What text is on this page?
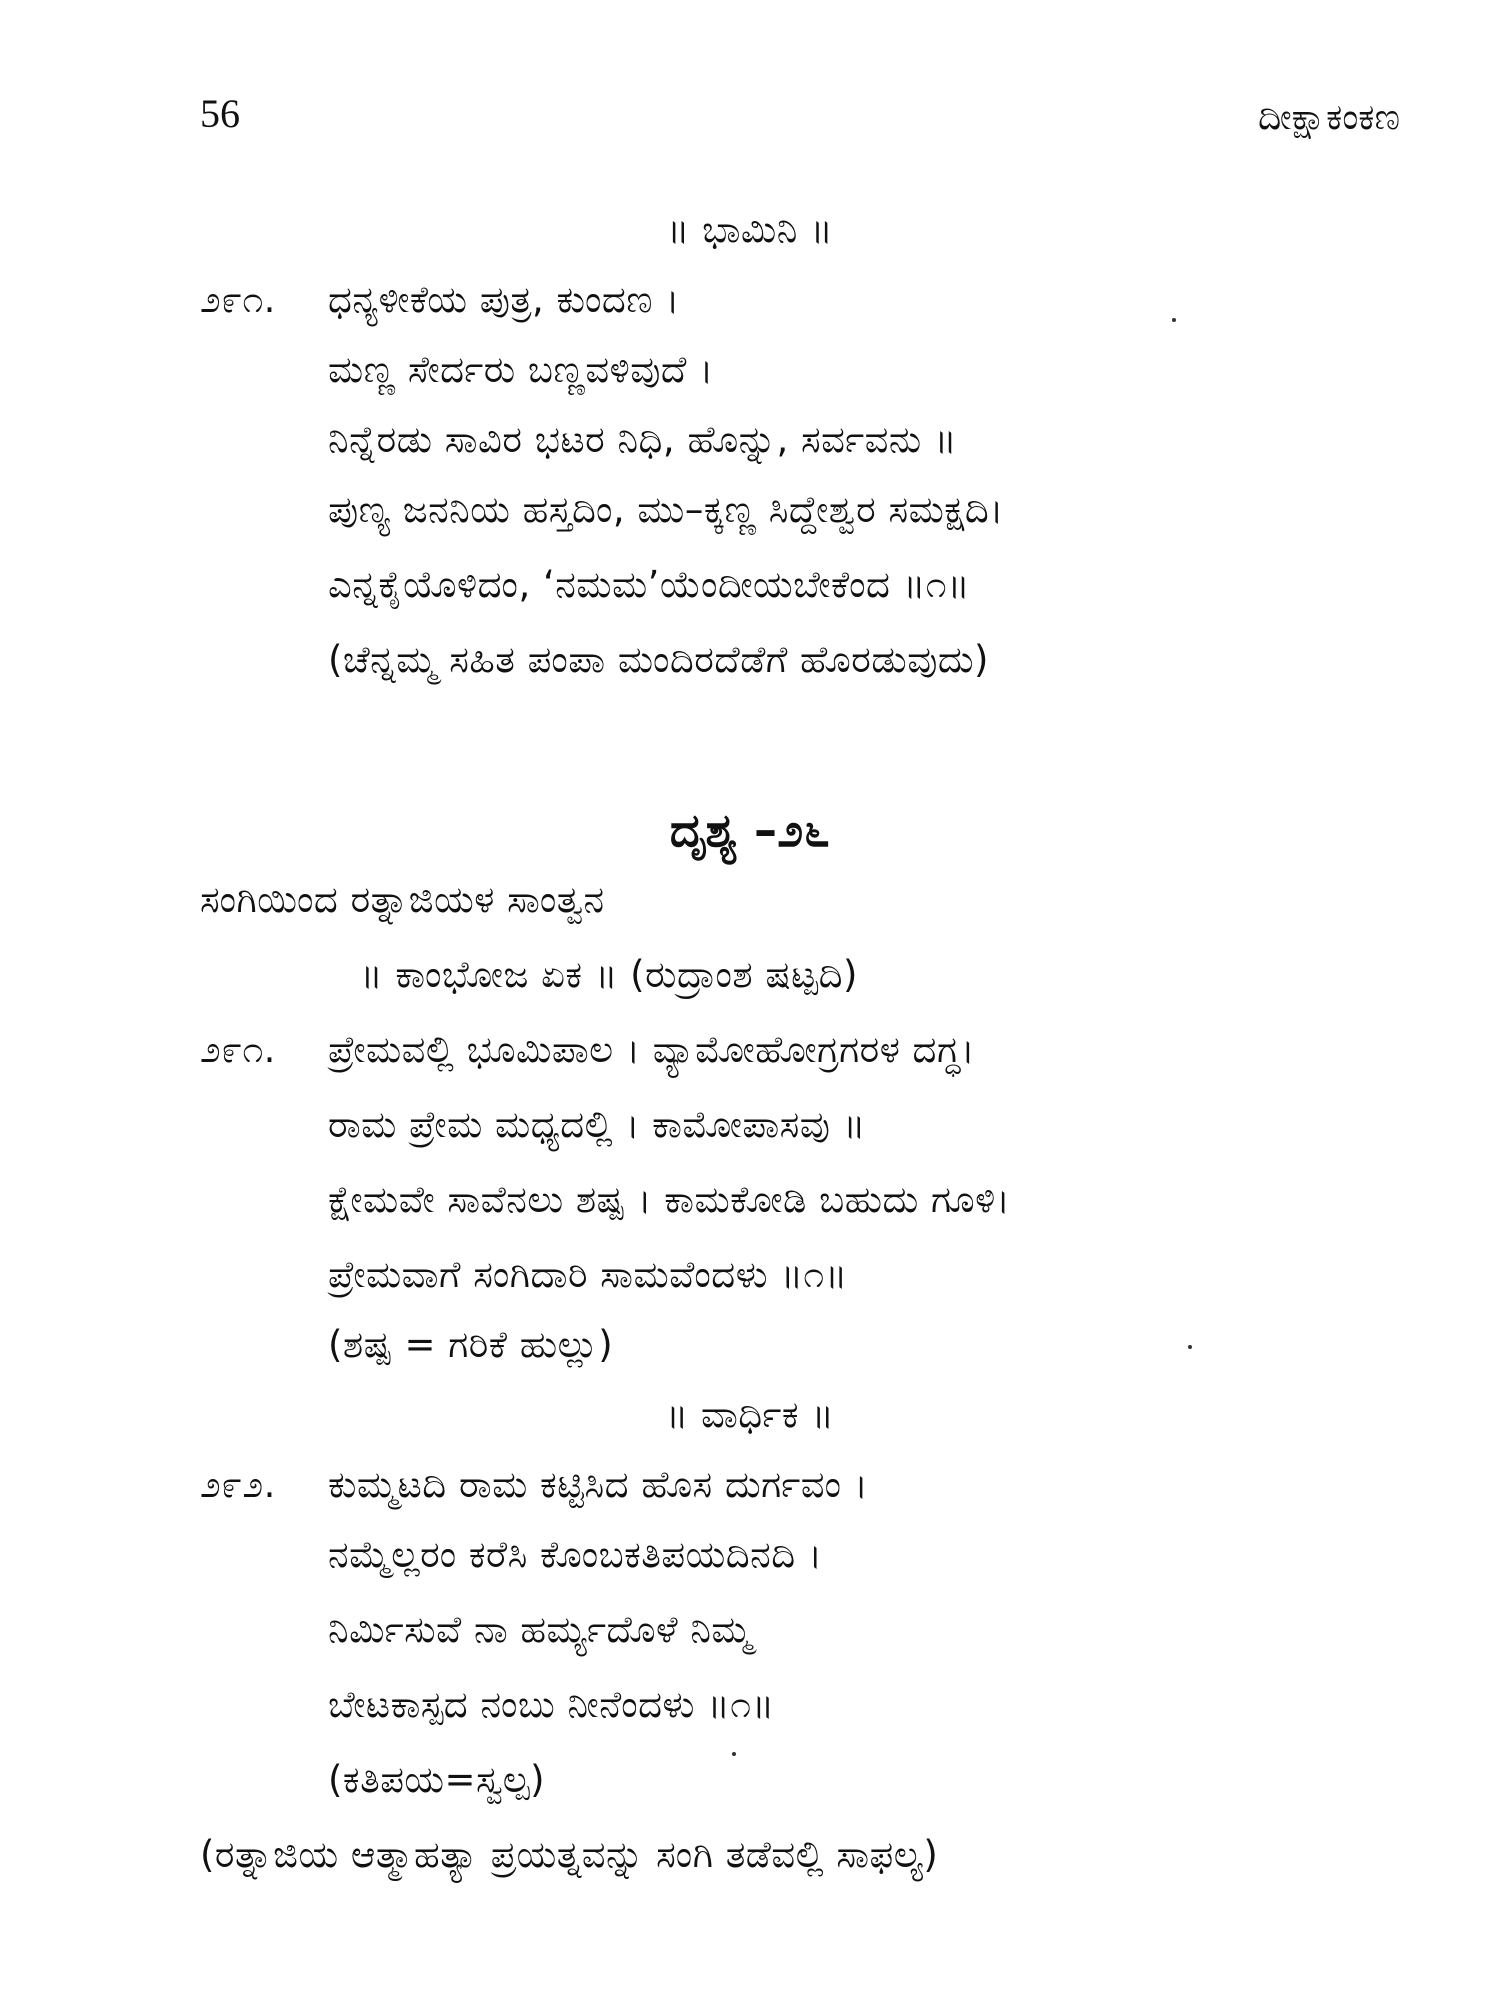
56	ದೀಕ್ಷಾಕಂಕಣ
॥ ಭಾಮಿನಿ ॥
೨೯೧. ಧನ್ಯಳೀಕೆಯ ಪುತ್ರ, ಕುಂದಣ ।
ಮಣ್ಣ ಸೇರ್ದರು ಬಣ್ಣವಳಿವುದೆ ।
ನಿನ್ನೆರಡು ಸಾವಿರ ಭಟರ ನಿಧಿ, ಹೊನ್ನು, ಸರ್ವವನು ॥
ಪುಣ್ಯ ಜನನಿಯ ಹಸ್ತದಿಂ, ಮು–ಕ್ಕಣ್ಣ ಸಿದ್ದೇಶ್ವರ ಸಮಕ್ಷದಿ।
ಎನ್ನಕೈಯೊಳಿದಂ, ‘ನಮಮ’ಯೆಂದೀಯಬೇಕೆಂದ ॥೧॥
(ಚೆನ್ನಮ್ಮ ಸಹಿತ ಪಂಪಾ ಮಂದಿರದೆಡೆಗೆ ಹೊರಡುವುದು)
ದೃಶ್ಯ –೨೬
ಸಂಗಿಯಿಂದ ರತ್ನಾಜಿಯಳ ಸಾಂತ್ವನ
॥ ಕಾಂಭೋಜ ಏಕ ॥ (ರುದ್ರಾಂಶ ಷಟ್ಪದಿ)
೨೯೧. ಪ್ರೇಮವಲ್ಲಿ ಭೂಮಿಪಾಲ । ವ್ಯಾಮೋಹೋಗ್ರಗರಳ ದಗ್ಧ।
ರಾಮ ಪ್ರೇಮ ಮಧ್ಯದಲ್ಲಿ । ಕಾಮೋಪಾಸವು ॥
ಕ್ಷೇಮವೇ ಸಾವೆನಲು ಶಷ್ಪ । ಕಾಮಕೋಡಿ ಬಹುದು ಗೂಳಿ।
ಪ್ರೇಮವಾಗೆ ಸಂಗಿದಾರಿ ಸಾಮವೆಂದಳು ॥೧॥
(ಶಷ್ಪ = ಗರಿಕೆ ಹುಲ್ಲು)
॥ ವಾರ್ಧಿಕ ॥
೨೯೨. ಕುಮ್ಮಟದಿ ರಾಮ ಕಟ್ಟಿಸಿದ ಹೊಸ ದುರ್ಗವಂ ।
ನಮ್ಮೆಲ್ಲರಂ ಕರೆಸಿ ಕೊಂಬಕತಿಪಯದಿನದಿ ।
ನಿರ್ಮಿಸುವೆ ನಾ ಹರ್ಮ್ಯದೊಳೆ ನಿಮ್ಮ
ಬೇಟಕಾಸ್ಪದ ನಂಬು ನೀನೆಂದಳು ॥೧॥
(ಕತಿಪಯ=ಸ್ವಲ್ಪ)
(ರತ್ನಾಜಿಯ ಆತ್ಮಾಹತ್ಯಾ ಪ್ರಯತ್ನವನ್ನು ಸಂಗಿ ತಡೆವಲ್ಲಿ ಸಾಫಲ್ಯ)
